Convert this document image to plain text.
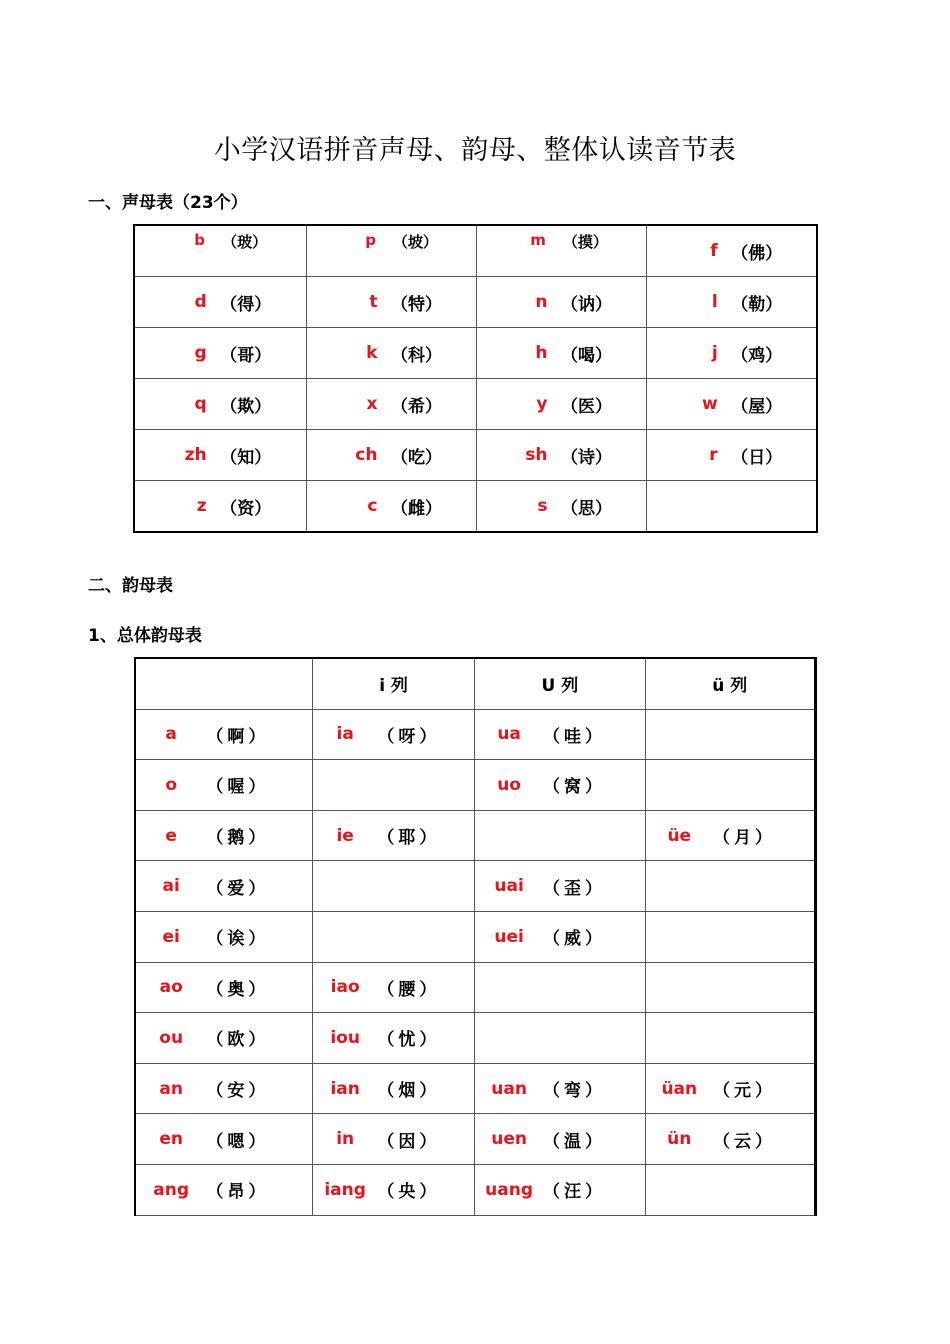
小学汉语拼音声母、韵母、整体认读音节表
一、声母表（23个）
b （玻）	p （坡）	m （摸）	f （佛）

d （得）	t （特）	n （讷）	l （勒）

g （哥）	k （科）	h （喝）	j （鸡）

q （欺）	x （希）	y （医）	w （屋）

zh （知）	ch （吃）	sh （诗）	r （日）

z （资）	c （雌）	s （思）	

二、韵母表
1、总体韵母表
	i 列	U 列	ü 列

a （啊）	ia （呀）	ua （哇）	

o （喔）		uo （窝）	

e （鹅）	ie （耶）		üe （月）

ai （爱）		uai （歪）	

ei （诶）		uei （威）	

ao （奥）	iao （腰）		

ou （欧）	iou （忧）		

an （安）	ian （烟）	uan （弯）	üan （元）

en （嗯）	in （因）	uen （温）	ün （云）

ang （昂）	iang （央）	uang （汪）	
